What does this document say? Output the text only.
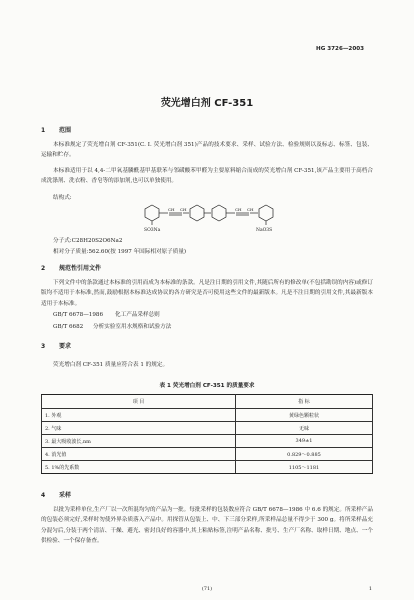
HG 3726—2003
荧光增白剂 CF-351
1 范围
本标准规定了荧光增白剂 CF-351(C. I. 荧光增白剂 351)产品的技术要求、采样、试验方法、检验规则以及标志、标签、包装、运输和贮存。
本标准适用于以 4,4-二甲氧基膦酰基甲基联苯与邻磺酸苯甲醛为主要原料缩合而成的荧光增白剂 CF-351,该产品主要用于高档合成洗涤剂、洗衣粉、香皂等的添加剂,也可以单独使用。
结构式:
CH CH	CH CH
SO3Na	NaO3S
分子式:C28H20S2O6Na2
相对分子质量:562.60(按 1997 年国际相对原子质量)
2 规范性引用文件
下列文件中的条款通过本标准的引用而成为本标准的条款。凡是注日期的引用文件,其随后所有的修改单(不包括勘误的内容)或修订版均不适用于本标准,然而,鼓励根据本标准达成协议的各方研究是否可使用这些文件的最新版本。凡是不注日期的引用文件,其最新版本适用于本标准。
GB/T 6678—1986 化工产品采样总则
GB/T 6682 分析实验室用水规格和试验方法
3 要求
荧光增白剂 CF-351 质量应符合表 1 的规定。
表 1 荧光增白剂 CF-351 的质量要求
项 目	指 标
1. 外观	黄绿色颗粒状
2. 气味	无味
3. 最大吸收波长,nm	349±1
4. 消光值	0.829～0.885
5. 1%的先系数	1105～1181
4 采样
以批为采样单位,生产厂以一次所混均匀的产品为一批。每批采样的包装数应符合 GB/T 6678—1986 中 6.6 的规定。所采样产品的包装必须完好,采样时勿使外界杂质落入产品中。用探管从包装上、中、下三部分采样,所采样品总量不得少于 300 g。将所采样品充分混匀后,分装于两个清洁、干燥、避光、密封良好的容器中,其上粘贴标签,注明产品名称、批号、生产厂名称、取样日期、地点、一个供检验、一个保存备查。
(71)	1
